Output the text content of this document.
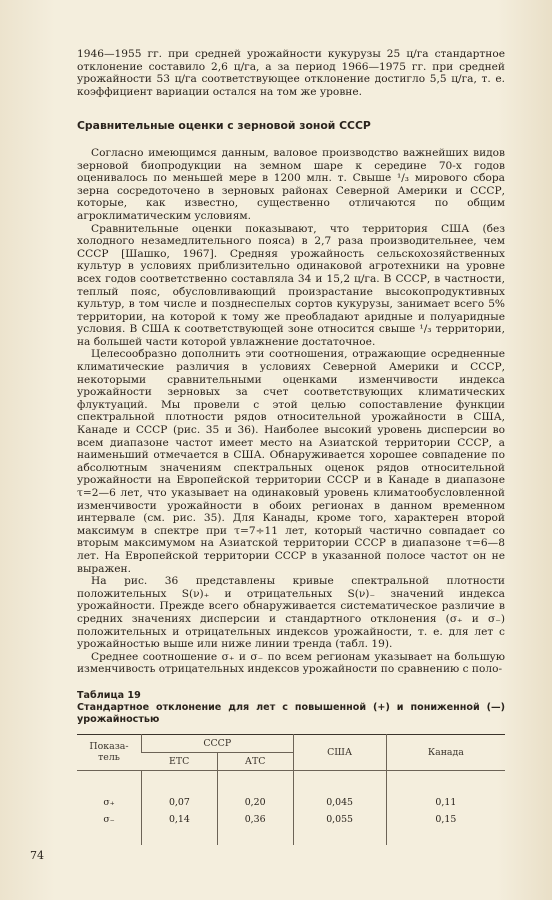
1946—1955 гг. при средней урожайности кукурузы 25 ц/га стандартное отклонение составило 2,6 ц/га, а за период 1966—1975 гг. при средней урожайности 53 ц/га соответствующее отклонение достигло 5,5 ц/га, т. е. коэффициент вариации остался на том же уровне.

Сравнительные оценки с зерновой зоной СССР

Согласно имеющимся данным, валовое производство важнейших видов зерновой биопродукции на земном шаре к середине 70-х годов оценивалось по меньшей мере в 1200 млн. т. Свыше ¹/₃ мирового сбора зерна сосредоточено в зерновых районах Северной Америки и СССР, которые, как известно, существенно отличаются по общим агроклиматическим условиям.

Сравнительные оценки показывают, что территория США (без холодного незамедлительного пояса) в 2,7 раза производительнее, чем СССР [Шашко, 1967]. Средняя урожайность сельскохозяйственных культур в условиях приблизительно одинаковой агротехники на уровне всех годов соответственно составляла 34 и 15,2 ц/га. В СССР, в частности, теплый пояс, обусловливающий произрастание высокопродуктивных культур, в том числе и позднеспелых сортов кукурузы, занимает всего 5% территории, на которой к тому же преобладают аридные и полуаридные условия. В США к соответствующей зоне относится свыше ¹/₃ территории, на большей части которой увлажнение достаточное.

Целесообразно дополнить эти соотношения, отражающие осредненные климатические различия в условиях Северной Америки и СССР, некоторыми сравнительными оценками изменчивости индекса урожайности зерновых за счет соответствующих климатических флуктуаций. Мы провели с этой целью сопоставление функции спектральной плотности рядов относительной урожайности в США, Канаде и СССР (рис. 35 и 36). Наиболее высокий уровень дисперсии во всем диапазоне частот имеет место на Азиатской территории СССР, а наименьший отмечается в США. Обнаруживается хорошее совпадение по абсолютным значениям спектральных оценок рядов относительной урожайности на Европейской территории СССР и в Канаде в диапазоне τ=2—6 лет, что указывает на одинаковый уровень климатообусловленной изменчивости урожайности в обоих регионах в данном временном интервале (см. рис. 35). Для Канады, кроме того, характерен второй максимум в спектре при τ=7÷11 лет, который частично совпадает со вторым максимумом на Азиатской территории СССР в диапазоне τ=6—8 лет. На Европейской территории СССР в указанной полосе частот он не выражен.

На рис. 36 представлены кривые спектральной плотности положительных S(ν)₊ и отрицательных S(ν)₋ значений индекса урожайности. Прежде всего обнаруживается систематическое различие в средних значениях дисперсии и стандартного отклонения (σ₊ и σ₋) положительных и отрицательных индексов урожайности, т. е. для лет с урожайностью выше или ниже линии тренда (табл. 19).

Среднее соотношение σ₊ и σ₋ по всем регионам указывает на большую изменчивость отрицательных индексов урожайности по сравнению с поло-

Таблица 19
Стандартное отклонение для лет с повышенной (+) и пониженной (—) урожайностью
Показа-тель	СССР		США	Канада
	ЕТС	АТС		
σ₊	0,07	0,20	0,045	0,11
σ₋	0,14	0,36	0,055	0,15
74
